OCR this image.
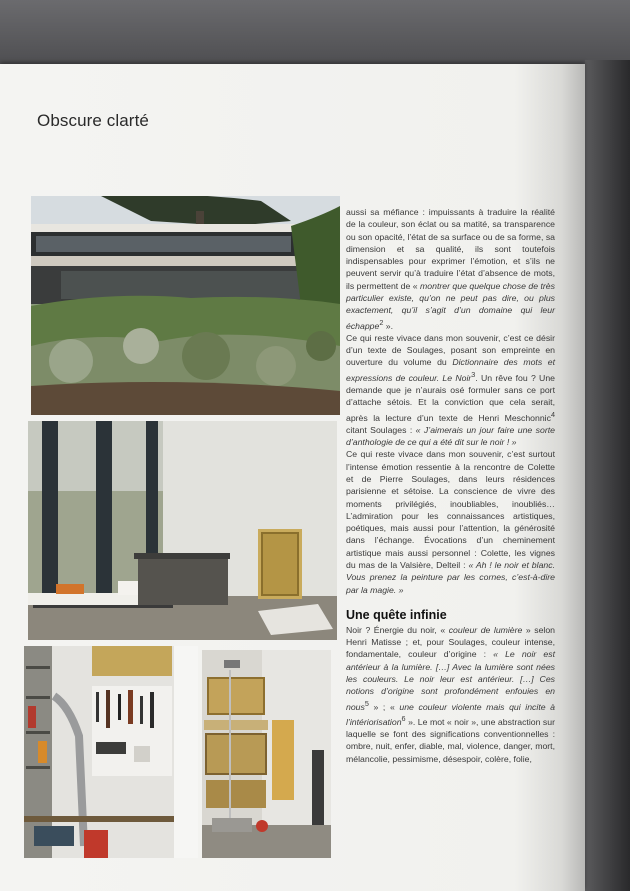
Obscure clarté

aussi sa méfiance : impuissants à traduire la réalité de la couleur, son éclat ou sa matité, sa transparence ou son opacité, l’état de sa surface ou de sa forme, sa dimension et sa qualité, ils sont toutefois indispensables pour exprimer l’émotion, et s’ils ne peuvent servir qu’à traduire l’état d’absence de mots, ils permettent de « montrer que quelque chose de très particulier existe, qu’on ne peut pas dire, ou plus exactement, qu’il s’agit d’un domaine qui leur échappe$^2$ ».

Ce qui reste vivace dans mon souvenir, c’est ce désir d’un texte de Soulages, posant son empreinte en ouverture du volume du Dictionnaire des mots et expressions de couleur. Le Noir$^3$. Un rêve fou ? Une demande que je n’aurais osé formuler sans ce port d’attache sétois. Et la conviction que cela serait, après la lecture d’un texte de Henri Meschonnic$^4$ citant Soulages : « J’aimerais un jour faire une sorte d’anthologie de ce qui a été dit sur le noir ! »

Ce qui reste vivace dans mon souvenir, c’est surtout l’intense émotion ressentie à la rencontre de Colette et de Pierre Soulages, dans leurs résidences parisienne et sétoise. La conscience de vivre des moments privilégiés, inoubliables, inoubliés… L’admiration pour les connaissances artistiques, poétiques, mais aussi pour l’attention, la générosité dans l’échange. Évocations d’un cheminement artistique mais aussi personnel : Colette, les vignes du mas de la Valsière, Delteil : « Ah ! le noir et blanc. Vous prenez la peinture par les cornes, c’est-à-dire par la magie. »

Une quête infinie

Noir ? Énergie du noir, « couleur de lumière » selon Henri Matisse ; et, pour Soulages, couleur intense, fondamentale, couleur d’origine : « Le noir est antérieur à la lumière. […] Avec la lumière sont nées les couleurs. Le noir leur est antérieur. […] Ces notions d’origine sont profondément enfouies en nous$^5$ » ; « une couleur violente mais qui incite à l’intériorisation$^6$ ». Le mot « noir », une abstraction sur laquelle se font des significations conventionnelles : ombre, nuit, enfer, diable, mal, violence, danger, mort, mélancolie, pessimisme, désespoir, colère, folie,
